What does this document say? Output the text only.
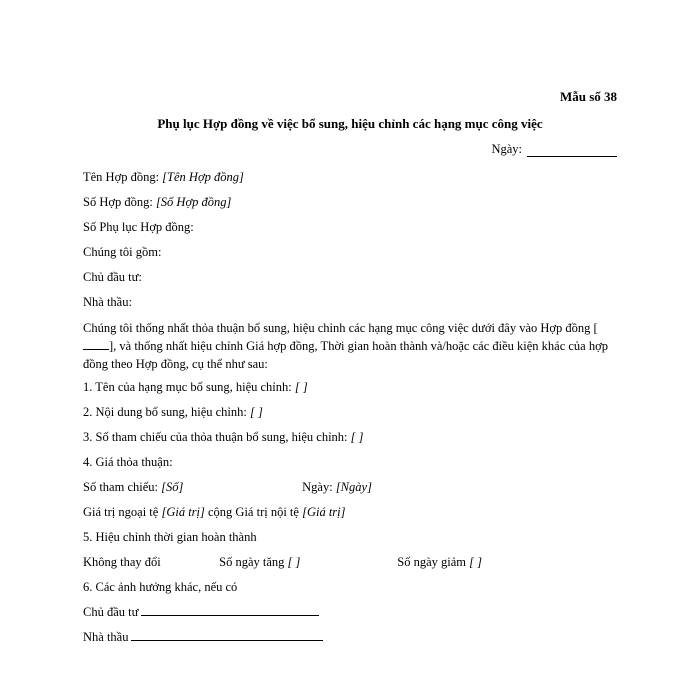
Mẫu số 38
Phụ lục Hợp đồng về việc bổ sung, hiệu chỉnh các hạng mục công việc
Ngày:
Tên Hợp đồng: [Tên Hợp đồng]
Số Hợp đồng: [Số Hợp đồng]
Số Phụ lục Hợp đồng:
Chúng tôi gồm:
Chủ đầu tư:
Nhà thầu:
Chúng tôi thống nhất thỏa thuận bổ sung, hiệu chỉnh các hạng mục công việc dưới đây vào Hợp đồng [], và thống nhất hiệu chỉnh Giá hợp đồng, Thời gian hoàn thành và/hoặc các điều kiện khác của hợp đồng theo Hợp đồng, cụ thể như sau:
1. Tên của hạng mục bổ sung, hiệu chỉnh: [ ]
2. Nội dung bổ sung, hiệu chỉnh: [ ]
3. Số tham chiếu của thỏa thuận bổ sung, hiệu chỉnh: [ ]
4. Giá thỏa thuận:
Số tham chiếu: [Số]	Ngày: [Ngày]
Giá trị ngoại tệ [Giá trị] cộng Giá trị nội tệ [Giá trị]
5. Hiệu chỉnh thời gian hoàn thành
Không thay đổi	Số ngày tăng [ ]	Số ngày giảm [ ]
6. Các ảnh hưởng khác, nếu có
Chủ đầu tư
Nhà thầu
